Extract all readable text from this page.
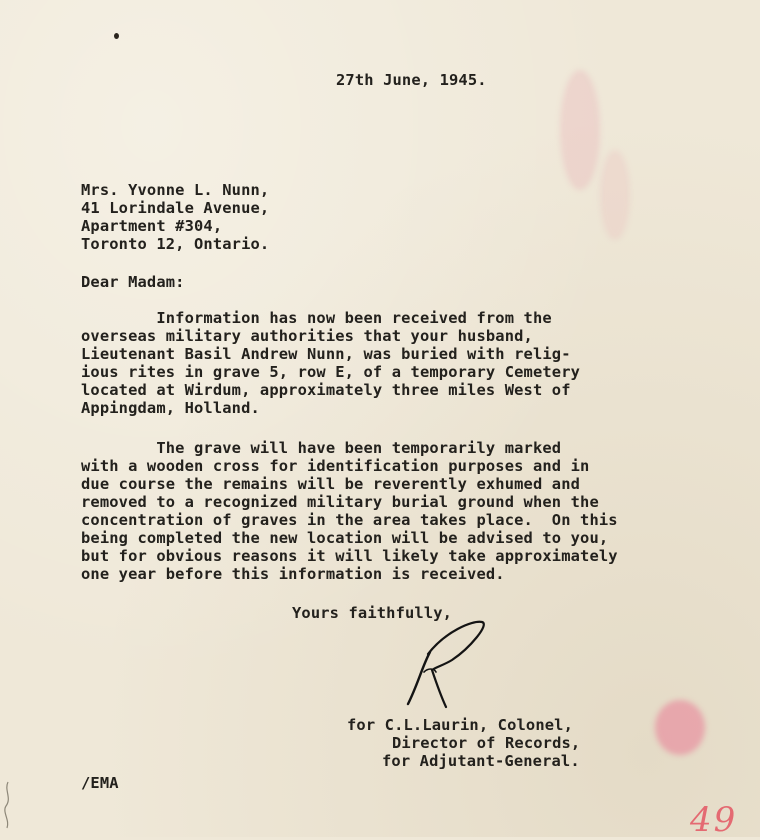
27th June, 1945.
Mrs. Yvonne L. Nunn,
41 Lorindale Avenue,
Apartment #304,
Toronto 12, Ontario.
Dear Madam:
Information has now been received from the
overseas military authorities that your husband,
Lieutenant Basil Andrew Nunn, was buried with relig-
ious rites in grave 5, row E, of a temporary Cemetery
located at Wirdum, approximately three miles West of
Appingdam, Holland.
The grave will have been temporarily marked
with a wooden cross for identification purposes and in
due course the remains will be reverently exhumed and
removed to a recognized military burial ground when the
concentration of graves in the area takes place.  On this
being completed the new location will be advised to you,
but for obvious reasons it will likely take approximately
one year before this information is received.
Yours faithfully,
for C.L.Laurin, Colonel,
Director of Records,
for Adjutant-General.
/EMA
49
